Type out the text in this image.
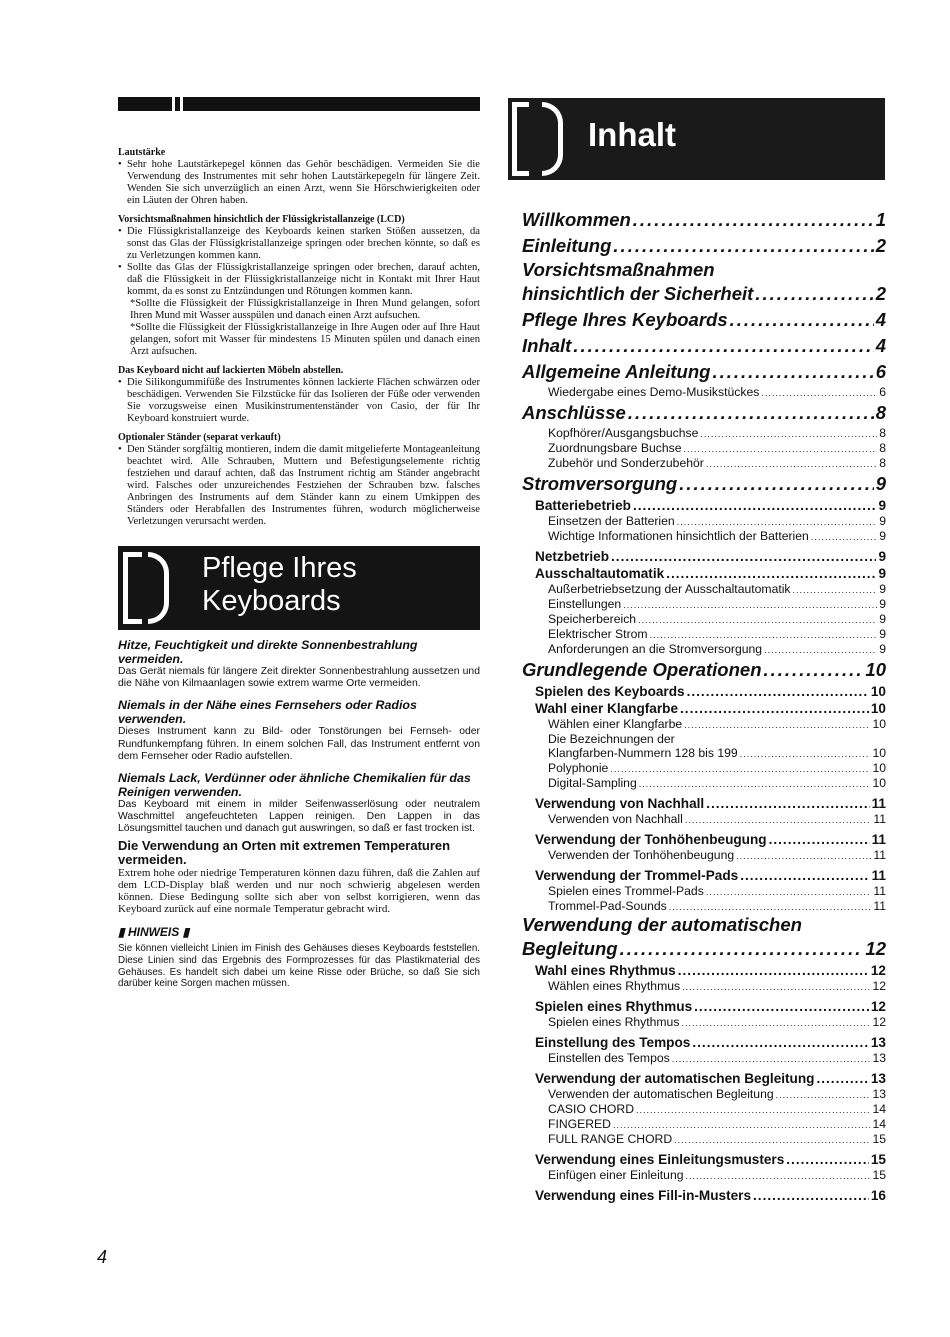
Lautstärke

• Sehr hohe Lautstärkepegel können das Gehör beschädigen. Vermeiden Sie die Verwendung des Instrumentes mit sehr hohen Lautstärkepegeln für längere Zeit. Wenden Sie sich unverzüglich an einen Arzt, wenn Sie Hörschwierigkeiten oder ein Läuten der Ohren haben.

Vorsichtsmaßnahmen hinsichtlich der Flüssigkristallanzeige (LCD)

• Die Flüssigkristallanzeige des Keyboards keinen starken Stößen aussetzen, da sonst das Glas der Flüssigkristallanzeige springen oder brechen könnte, so daß es zu Verletzungen kommen kann.

• Sollte das Glas der Flüssigkristallanzeige springen oder brechen, darauf achten, daß die Flüssigkeit in der Flüssigkristallanzeige nicht in Kontakt mit Ihrer Haut kommt, da es sonst zu Entzündungen und Rötungen kommen kann.

*Sollte die Flüssigkeit der Flüssigkristallanzeige in Ihren Mund gelangen, sofort Ihren Mund mit Wasser ausspülen und danach einen Arzt aufsuchen.

*Sollte die Flüssigkeit der Flüssigkristallanzeige in Ihre Augen oder auf Ihre Haut gelangen, sofort mit Wasser für mindestens 15 Minuten spülen und danach einen Arzt aufsuchen.

Das Keyboard nicht auf lackierten Möbeln abstellen.

• Die Silikongummifüße des Instrumentes können lackierte Flächen schwärzen oder beschädigen. Verwenden Sie Filzstücke für das Isolieren der Füße oder verwenden Sie vorzugsweise einen Musikinstrumentenständer von Casio, der für Ihr Keyboard konstruiert wurde.

Optionaler Ständer (separat verkauft)

• Den Ständer sorgfältig montieren, indem die damit mitgelieferte Montageanleitung beachtet wird. Alle Schrauben, Muttern und Befestigungselemente richtig festziehen und darauf achten, daß das Instrument richtig am Ständer angebracht wird. Falsches oder unzureichendes Festziehen der Schrauben bzw. falsches Anbringen des Instruments auf dem Ständer kann zu einem Umkippen des Ständers oder Herabfallen des Instrumentes führen, wodurch möglicherweise Verletzungen verursacht werden.

Pflege Ihres
Keyboards
Hitze, Feuchtigkeit und direkte Sonnenbestrahlung vermeiden.
Das Gerät niemals für längere Zeit direkter Sonnenbestrahlung aussetzen und die Nähe von Kilmaanlagen sowie extrem warme Orte vermeiden.
Niemals in der Nähe eines Fernsehers oder Radios verwenden.
Dieses Instrument kann zu Bild- oder Tonstörungen bei Fernseh- oder Rundfunkempfang führen. In einem solchen Fall, das Instrument entfernt von dem Fernseher oder Radio aufstellen.
Niemals Lack, Verdünner oder ähnliche Chemikalien für das Reinigen verwenden.
Das Keyboard mit einem in milder Seifenwasserlösung oder neutralem Waschmittel angefeuchteten Lappen reinigen. Den Lappen in das Lösungsmittel tauchen und danach gut auswringen, so daß er fast trocken ist.
Die Verwendung an Orten mit extremen Temperaturen vermeiden.
Extrem hohe oder niedrige Temperaturen können dazu führen, daß die Zahlen auf dem LCD-Display blaß werden und nur noch schwierig abgelesen werden können. Diese Bedingung sollte sich aber von selbst korrigieren, wenn das Keyboard zurück auf eine normale Temperatur gebracht wird.
▮ HINWEIS ▮
Sie können vielleicht Linien im Finish des Gehäuses dieses Keyboards feststellen. Diese Linien sind das Ergebnis des Formprozesses für das Plastikmaterial des Gehäuses. Es handelt sich dabei um keine Risse oder Brüche, so daß Sie sich darüber keine Sorgen machen müssen.
4
Inhalt
Willkommen .....	1
Einleitung .....	2
Vorsichtsmaßnahmen
hinsichtlich der Sicherheit .....	2
Pflege Ihres Keyboards .....	4
Inhalt .....	4
Allgemeine Anleitung .....	6
Wiedergabe eines Demo-Musikstückes .....	6
Anschlüsse .....	8
Kopfhörer/Ausgangsbuchse .....	8
Zuordnungsbare Buchse .....	8
Zubehör und Sonderzubehör .....	8
Stromversorgung .....	9
Batteriebetrieb .....	9
Einsetzen der Batterien .....	9
Wichtige Informationen hinsichtlich der Batterien .....	9
Netzbetrieb .....	9
Ausschaltautomatik .....	9
Außerbetriebsetzung der Ausschaltautomatik .....	9
Einstellungen .....	9
Speicherbereich .....	9
Elektrischer Strom .....	9
Anforderungen an die Stromversorgung .....	9
Grundlegende Operationen .....	10
Spielen des Keyboards .....	10
Wahl einer Klangfarbe .....	10
Wählen einer Klangfarbe .....	10
Die Bezeichnungen der
Klangfarben-Nummern 128 bis 199 .....	10
Polyphonie .....	10
Digital-Sampling .....	10
Verwendung von Nachhall .....	11
Verwenden von Nachhall .....	11
Verwendung der Tonhöhenbeugung .....	11
Verwenden der Tonhöhenbeugung .....	11
Verwendung der Trommel-Pads .....	11
Spielen eines Trommel-Pads .....	11
Trommel-Pad-Sounds .....	11
Verwendung der automatischen
Begleitung .....	12
Wahl eines Rhythmus .....	12
Wählen eines Rhythmus .....	12
Spielen eines Rhythmus .....	12
Spielen eines Rhythmus .....	12
Einstellung des Tempos .....	13
Einstellen des Tempos .....	13
Verwendung der automatischen Begleitung .....	13
Verwenden der automatischen Begleitung .....	13
CASIO CHORD .....	14
FINGERED .....	14
FULL RANGE CHORD .....	15
Verwendung eines Einleitungsmusters .....	15
Einfügen einer Einleitung .....	15
Verwendung eines Fill-in-Musters .....	16
